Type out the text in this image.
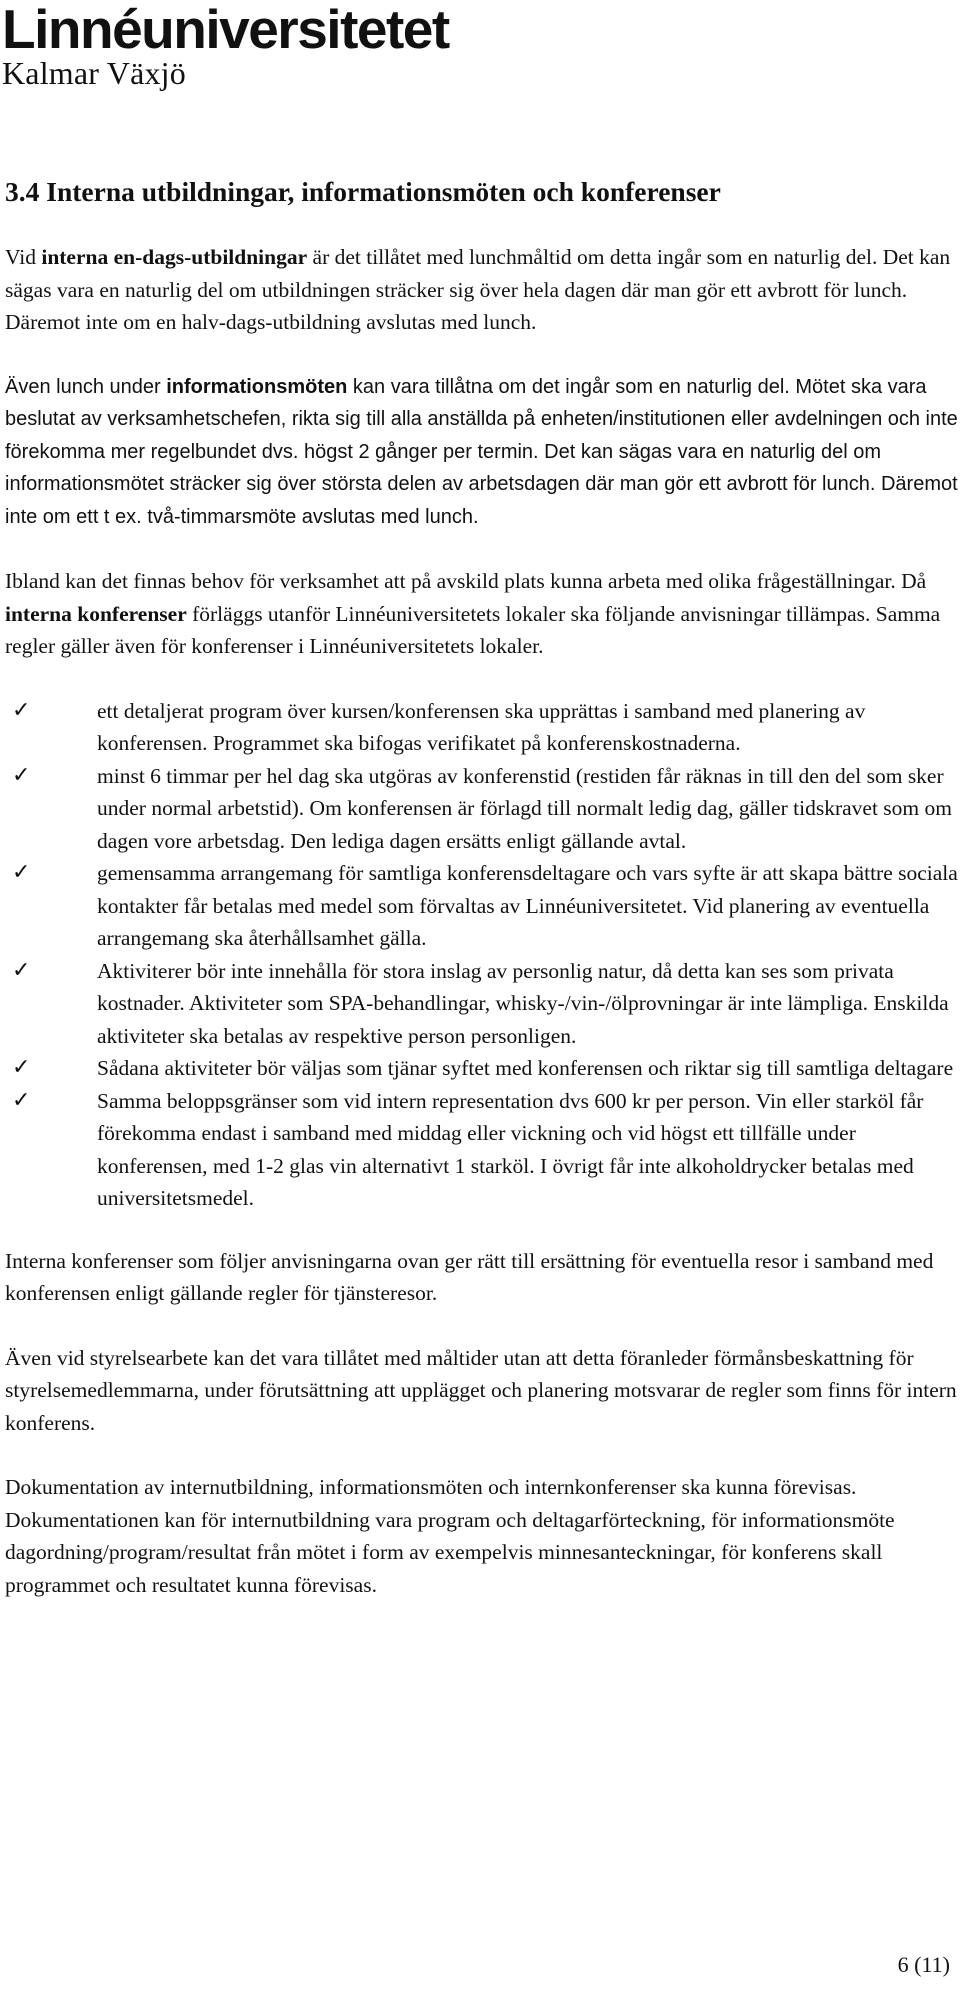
Linnéuniversitetet
Kalmar Växjö
3.4 Interna utbildningar, informationsmöten och konferenser

Vid interna en-dags-utbildningar är det tillåtet med lunchmåltid om detta ingår som en naturlig del. Det kan sägas vara en naturlig del om utbildningen sträcker sig över hela dagen där man gör ett avbrott för lunch. Däremot inte om en halv-dags-utbildning avslutas med lunch.

Även lunch under informationsmöten kan vara tillåtna om det ingår som en naturlig del. Mötet ska vara beslutat av verksamhetschefen, rikta sig till alla anställda på enheten/institutionen eller avdelningen och inte förekomma mer regelbundet dvs. högst 2 gånger per termin. Det kan sägas vara en naturlig del om informationsmötet sträcker sig över största delen av arbetsdagen där man gör ett avbrott för lunch. Däremot inte om ett t ex. två-timmarsmöte avslutas med lunch.

Ibland kan det finnas behov för verksamhet att på avskild plats kunna arbeta med olika frågeställningar. Då interna konferenser förläggs utanför Linnéuniversitetets lokaler ska följande anvisningar tillämpas. Samma regler gäller även för konferenser i Linnéuniversitetets lokaler.

✓	ett detaljerat program över kursen/konferensen ska upprättas i samband med planering av konferensen. Programmet ska bifogas verifikatet på konferenskostnaderna.
✓	minst 6 timmar per hel dag ska utgöras av konferenstid (restiden får räknas in till den del som sker under normal arbetstid). Om konferensen är förlagd till normalt ledig dag, gäller tidskravet som om dagen vore arbetsdag. Den lediga dagen ersätts enligt gällande avtal.
✓	gemensamma arrangemang för samtliga konferensdeltagare och vars syfte är att skapa bättre sociala kontakter får betalas med medel som förvaltas av Linnéuniversitetet. Vid planering av eventuella arrangemang ska återhållsamhet gälla.
✓	Aktiviterer bör inte innehålla för stora inslag av personlig natur, då detta kan ses som privata kostnader. Aktiviteter som SPA-behandlingar, whisky-/vin-/ölprovningar är inte lämpliga. Enskilda aktiviteter ska betalas av respektive person personligen.
✓	Sådana aktiviteter bör väljas som tjänar syftet med konferensen och riktar sig till samtliga deltagare
✓	Samma beloppsgränser som vid intern representation dvs 600 kr per person. Vin eller starköl får förekomma endast i samband med middag eller vickning och vid högst ett tillfälle under konferensen, med 1-2 glas vin alternativt 1 starköl. I övrigt får inte alkoholdrycker betalas med universitetsmedel.

Interna konferenser som följer anvisningarna ovan ger rätt till ersättning för eventuella resor i samband med konferensen enligt gällande regler för tjänsteresor.

Även vid styrelsearbete kan det vara tillåtet med måltider utan att detta föranleder förmånsbeskattning för styrelsemedlemmarna, under förutsättning att upplägget och planering motsvarar de regler som finns för intern konferens.

Dokumentation av internutbildning, informationsmöten och internkonferenser ska kunna förevisas. Dokumentationen kan för internutbildning vara program och deltagarförteckning, för informationsmöte dagordning/program/resultat från mötet i form av exempelvis minnesanteckningar, för konferens skall programmet och resultatet kunna förevisas.

6 (11)
